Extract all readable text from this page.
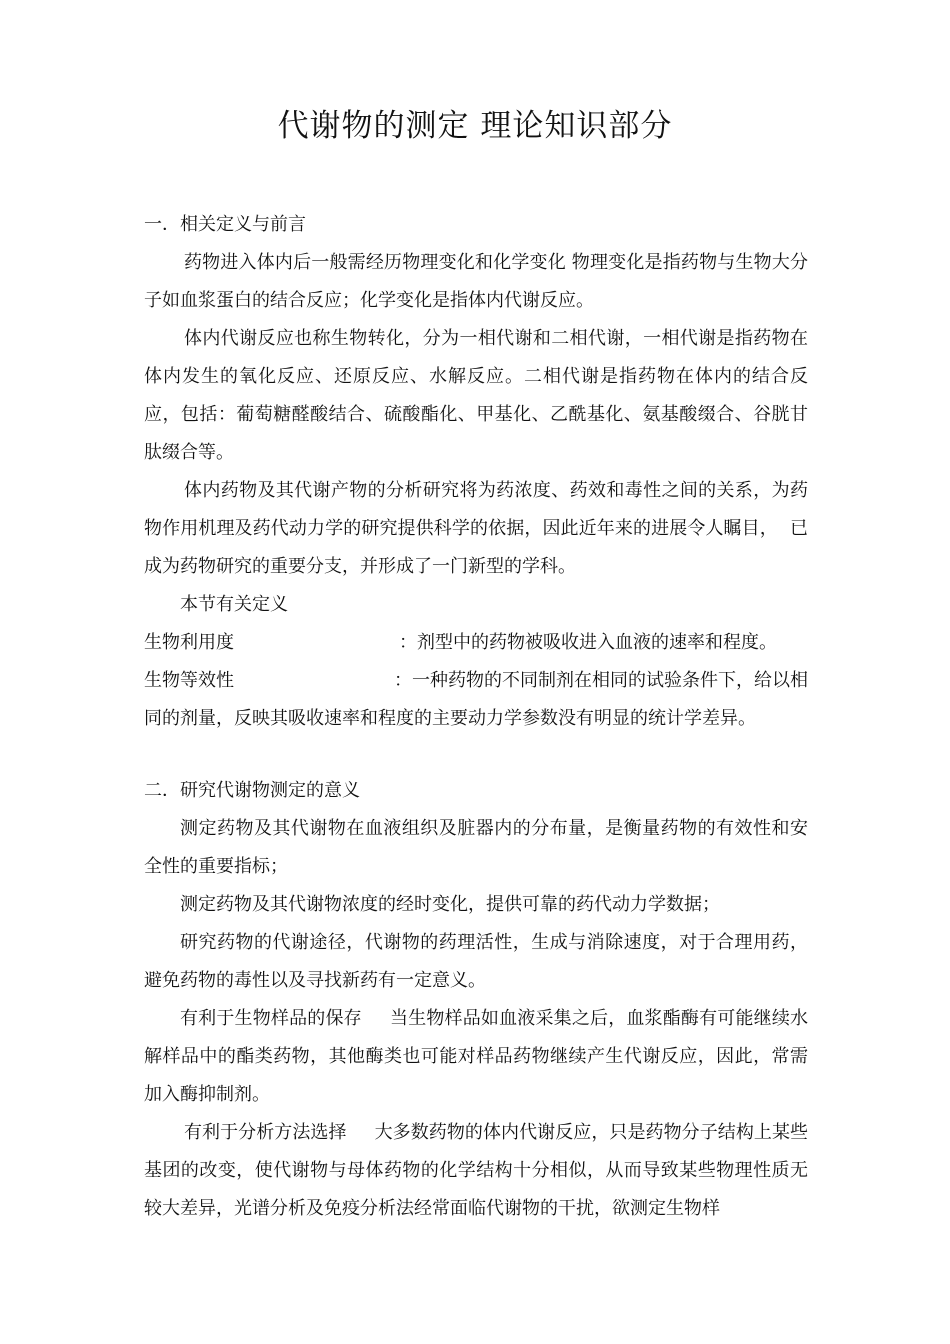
代谢物的测定 理论知识部分

一．相关定义与前言

药物进入体内后一般需经历物理变化和化学变化 物理变化是指药物与生物大分子如血浆蛋白的结合反应；化学变化是指体内代谢反应。

体内代谢反应也称生物转化，分为一相代谢和二相代谢，一相代谢是指药物在体内发生的氧化反应、还原反应、水解反应。二相代谢是指药物在体内的结合反应，包括：葡萄糖醛酸结合、硫酸酯化、甲基化、乙酰基化、氨基酸缀合、谷胱甘肽缀合等。

体内药物及其代谢产物的分析研究将为药浓度、药效和毒性之间的关系，为药物作用机理及药代动力学的研究提供科学的依据，因此近年来的进展令人瞩目， 已成为药物研究的重要分支，并形成了一门新型的学科。

本节有关定义

生物利用度	：剂型中的药物被吸收进入血液的速率和程度。

生物等效性	：一种药物的不同制剂在相同的试验条件下，给以相同的剂量，反映其吸收速率和程度的主要动力学参数没有明显的统计学差异。

二．研究代谢物测定的意义

测定药物及其代谢物在血液组织及脏器内的分布量，是衡量药物的有效性和安全性的重要指标；

测定药物及其代谢物浓度的经时变化，提供可靠的药代动力学数据；

研究药物的代谢途径，代谢物的药理活性，生成与消除速度，对于合理用药，避免药物的毒性以及寻找新药有一定意义。

有利于生物样品的保存 当生物样品如血液采集之后，血浆酯酶有可能继续水解样品中的酯类药物，其他酶类也可能对样品药物继续产生代谢反应，因此，常需加入酶抑制剂。

有利于分析方法选择 大多数药物的体内代谢反应，只是药物分子结构上某些基团的改变，使代谢物与母体药物的化学结构十分相似，从而导致某些物理性质无较大差异，光谱分析及免疫分析法经常面临代谢物的干扰，欲测定生物样
